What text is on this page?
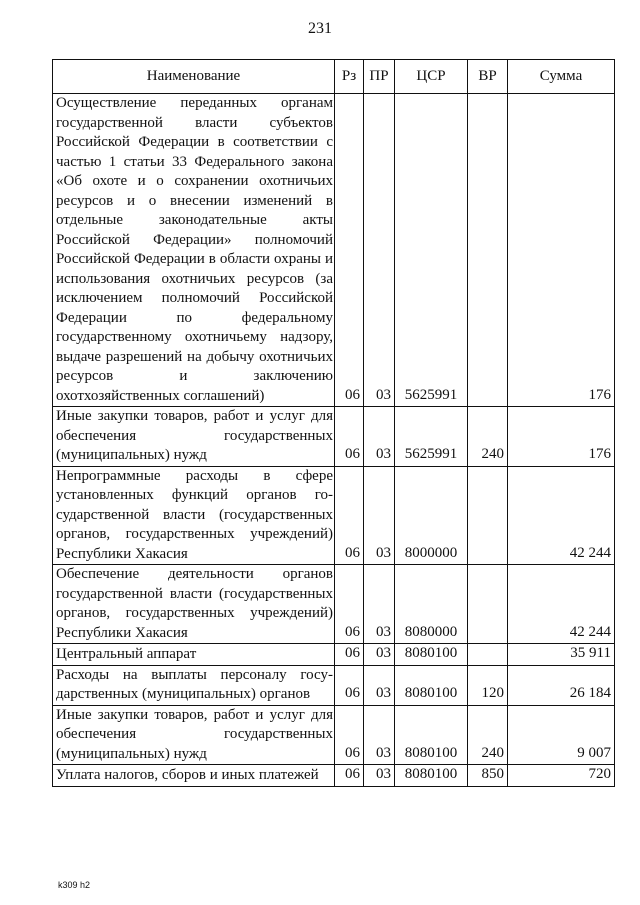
231
Наименование	Рз	ПР	ЦСР	ВР	Сумма
Осуществление переданных органам государственной власти субъектов Российской Федерации в соответствии с частью 1 статьи 33 Федерального закона «Об охоте и о сохранении охотничьих ресурсов и о внесении изменений в отдельные законодательные акты Российской Федерации» полномочий Российской Федерации в области охраны и использования охотничьих ресурсов (за исключением полномочий Российской Федерации по федеральному государственному охотничьему надзору, выдаче разрешений на добычу охотничьих ресурсов и заключению охотхозяйственных соглашений)	06	03	5625991		176
Иные закупки товаров, работ и услуг для обеспечения государственных (муниципальных) нужд	06	03	5625991	240	176
Непрограммные расходы в сфере установленных функций органов государственной власти (государственных органов, государственных учреждений) Республики Хакасия	06	03	8000000		42 244
Обеспечение деятельности органов государственной власти (государственных органов, государственных учреждений) Республики Хакасия	06	03	8080000		42 244
Центральный аппарат	06	03	8080100		35 911
Расходы на выплаты персоналу государственных (муниципальных) органов	06	03	8080100	120	26 184
Иные закупки товаров, работ и услуг для обеспечения государственных (муниципальных) нужд	06	03	8080100	240	9 007
Уплата налогов, сборов и иных платежей	06	03	8080100	850	720
k309 h2
